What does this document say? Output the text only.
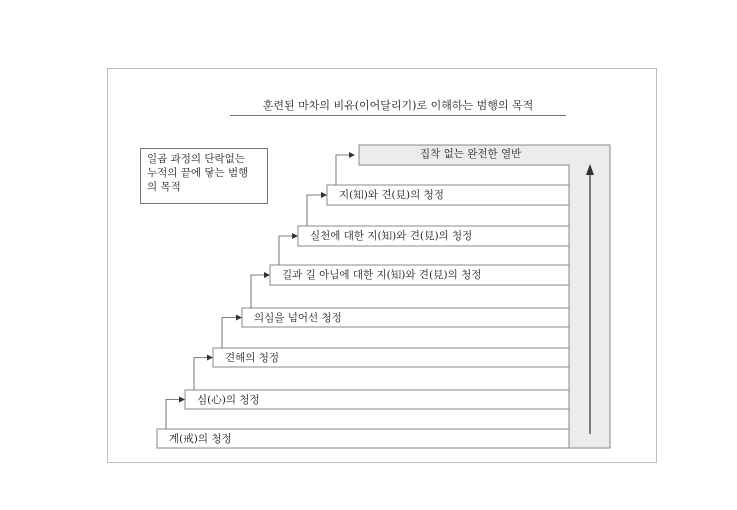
훈련된 마차의 비유(이어달리기)로 이해하는 범행의 목적
일곱 과정의 단락없는
누적의 끝에 닿는 범행
의 목적
계(戒)의 청정
심(心)의 청정
견해의 청정
의심을 넘어선 청정
길과 길 아님에 대한 지(知)와 견(見)의 청정
실천에 대한 지(知)와 견(見)의 청정
지(知)와 견(見)의 청정
집착 없는 완전한 열반
